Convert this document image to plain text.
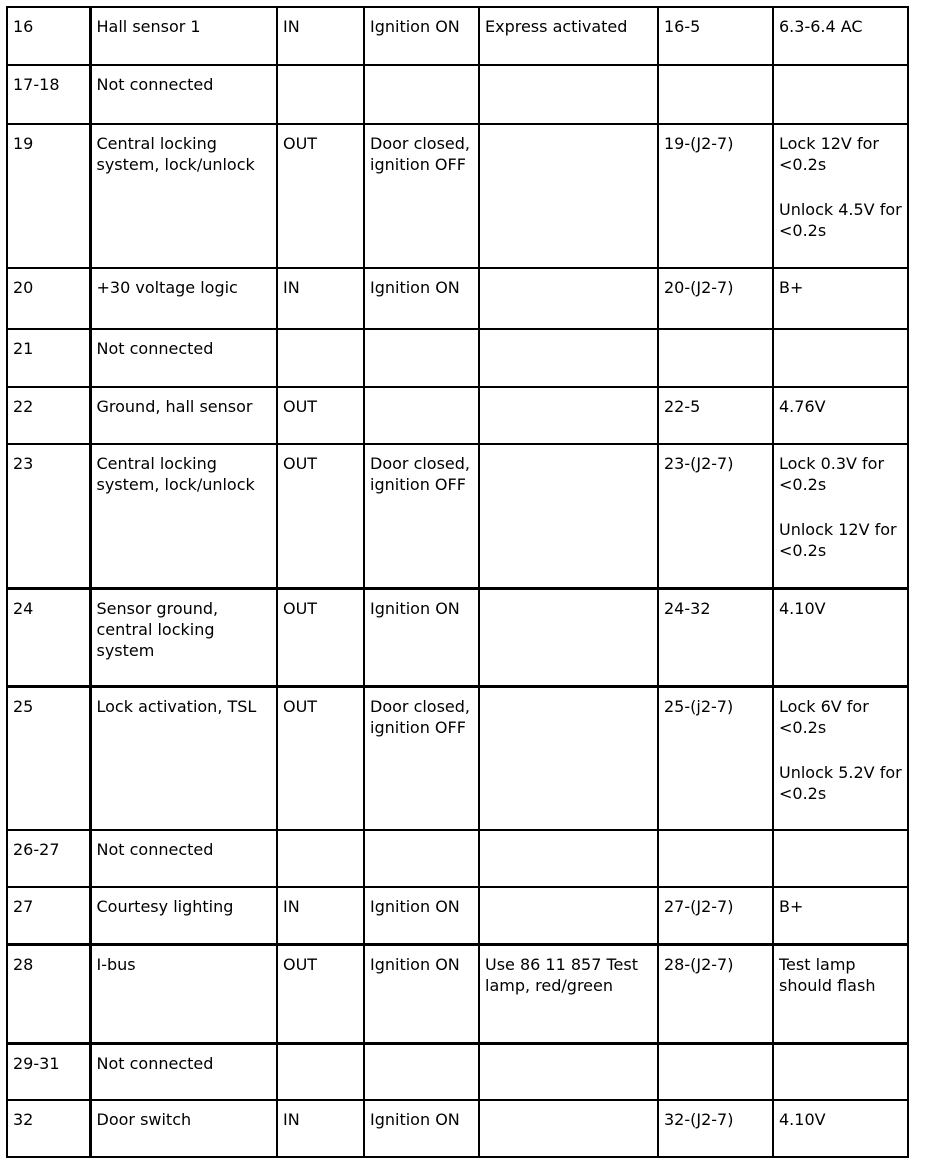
16	Hall sensor 1	IN	Ignition ON	Express activated	16-5	6.3-6.4 AC

17-18	Not connected					
19	Central locking system, lock/unlock	OUT	Door closed, ignition OFF		19-(J2-7)	Lock 12V for <0.2s
Unlock 4.5V for <0.2s

20	+30 voltage logic	IN	Ignition ON		20-(J2-7)	B+

21	Not connected					
22	Ground, hall sensor	OUT			22-5	4.76V

23	Central locking system, lock/unlock	OUT	Door closed, ignition OFF		23-(J2-7)	Lock 0.3V for <0.2s
Unlock 12V for <0.2s

24	Sensor ground, central locking system	OUT	Ignition ON		24-32	4.10V

25	Lock activation, TSL	OUT	Door closed, ignition OFF		25-(j2-7)	Lock 6V for <0.2s
Unlock 5.2V for <0.2s

26-27	Not connected					
27	Courtesy lighting	IN	Ignition ON		27-(J2-7)	B+

28	I-bus	OUT	Ignition ON	Use 86 11 857 Test lamp, red/green	28-(J2-7)	Test lamp should flash

29-31	Not connected					
32	Door switch	IN	Ignition ON		32-(J2-7)	4.10V
